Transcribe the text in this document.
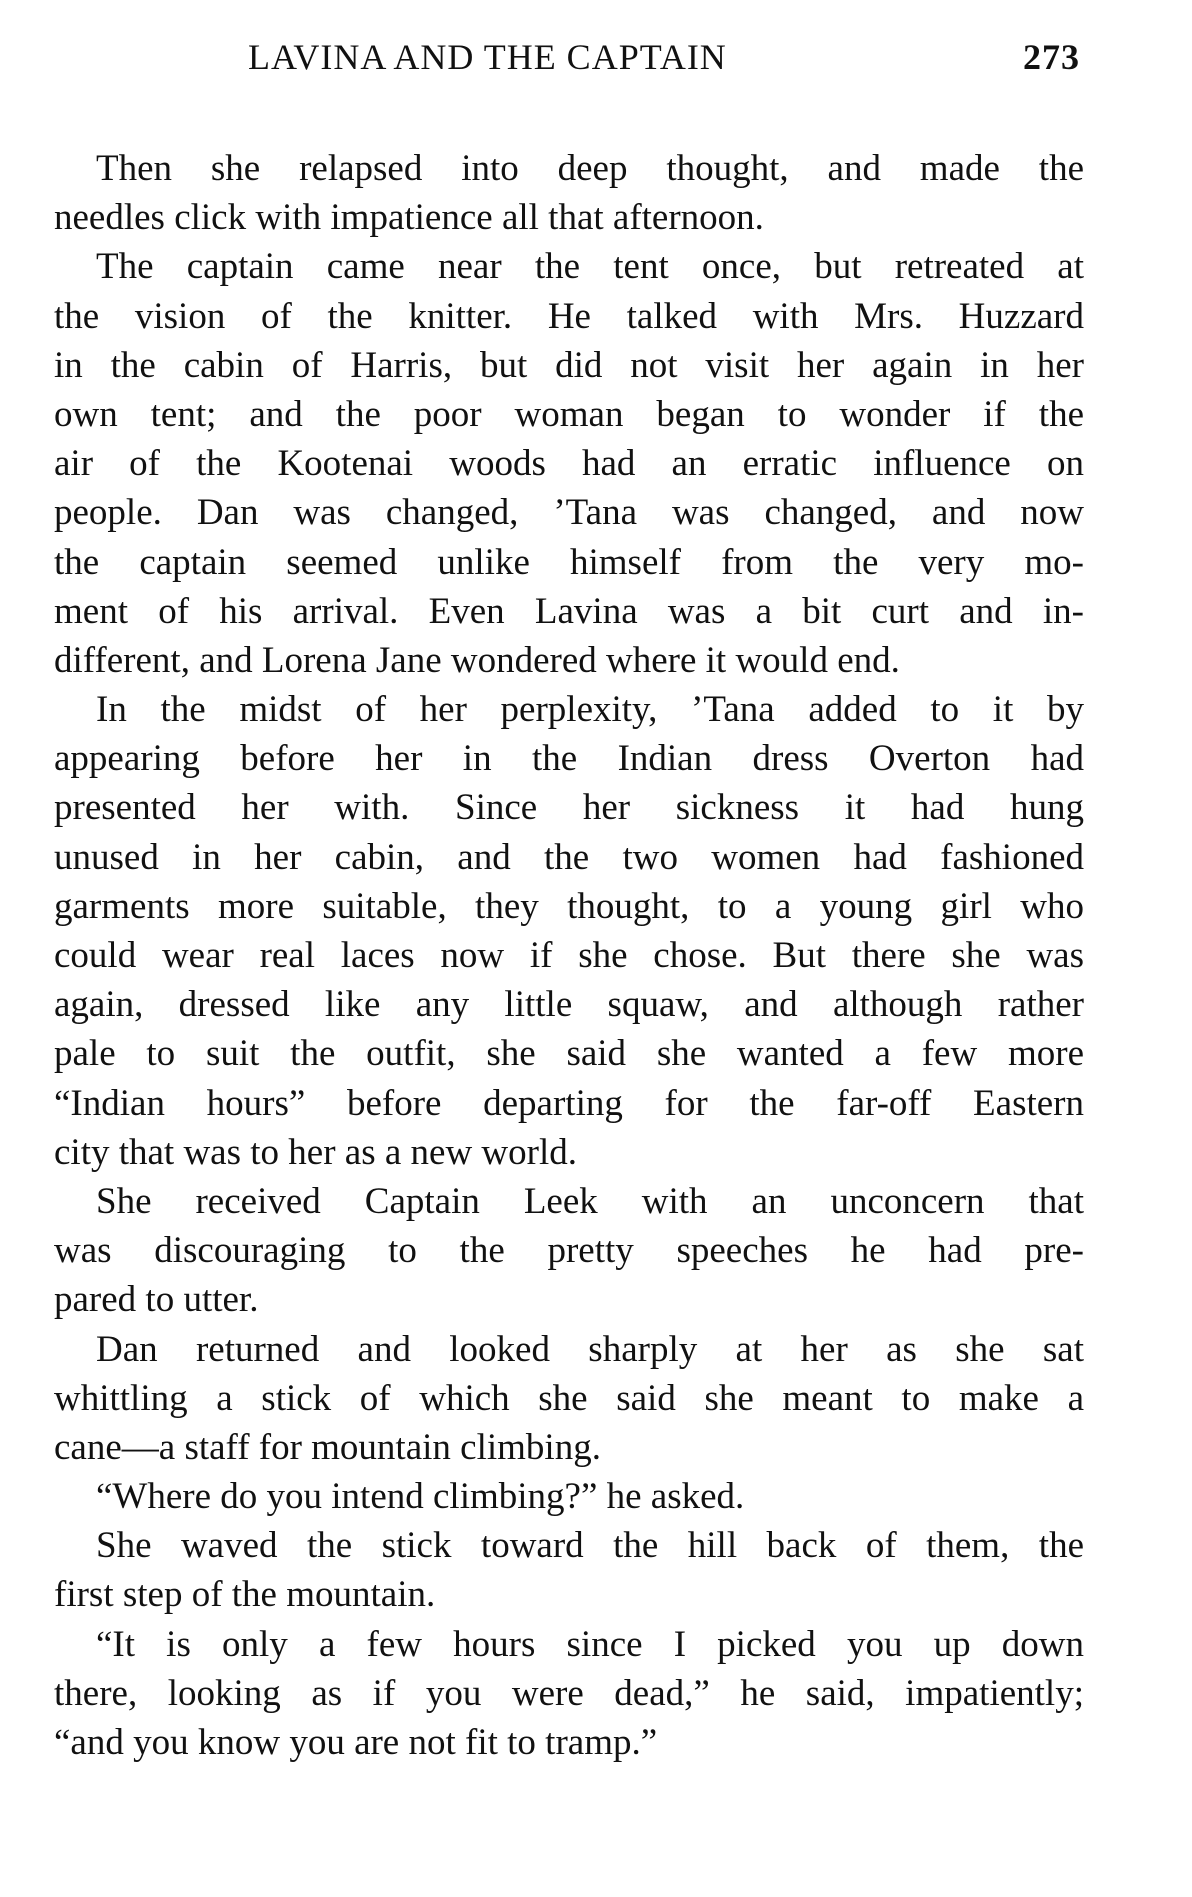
LAVINA AND THE CAPTAIN	273
Then she relapsed into deep thought, and made the
needles click with impatience all that afternoon.
The captain came near the tent once, but retreated at
the vision of the knitter. He talked with Mrs. Huzzard
in the cabin of Harris, but did not visit her again in her
own tent; and the poor woman began to wonder if the
air of the Kootenai woods had an erratic influence on
people. Dan was changed, ’Tana was changed, and now
the captain seemed unlike himself from the very mo-
ment of his arrival. Even Lavina was a bit curt and in-
different, and Lorena Jane wondered where it would end.
In the midst of her perplexity, ’Tana added to it by
appearing before her in the Indian dress Overton had
presented her with. Since her sickness it had hung
unused in her cabin, and the two women had fashioned
garments more suitable, they thought, to a young girl who
could wear real laces now if she chose. But there she was
again, dressed like any little squaw, and although rather
pale to suit the outfit, she said she wanted a few more
“Indian hours” before departing for the far-off Eastern
city that was to her as a new world.
She received Captain Leek with an unconcern that
was discouraging to the pretty speeches he had pre-
pared to utter.
Dan returned and looked sharply at her as she sat
whittling a stick of which she said she meant to make a
cane—a staff for mountain climbing.
“Where do you intend climbing?” he asked.
She waved the stick toward the hill back of them, the
first step of the mountain.
“It is only a few hours since I picked you up down
there, looking as if you were dead,” he said, impatiently;
“and you know you are not fit to tramp.”
